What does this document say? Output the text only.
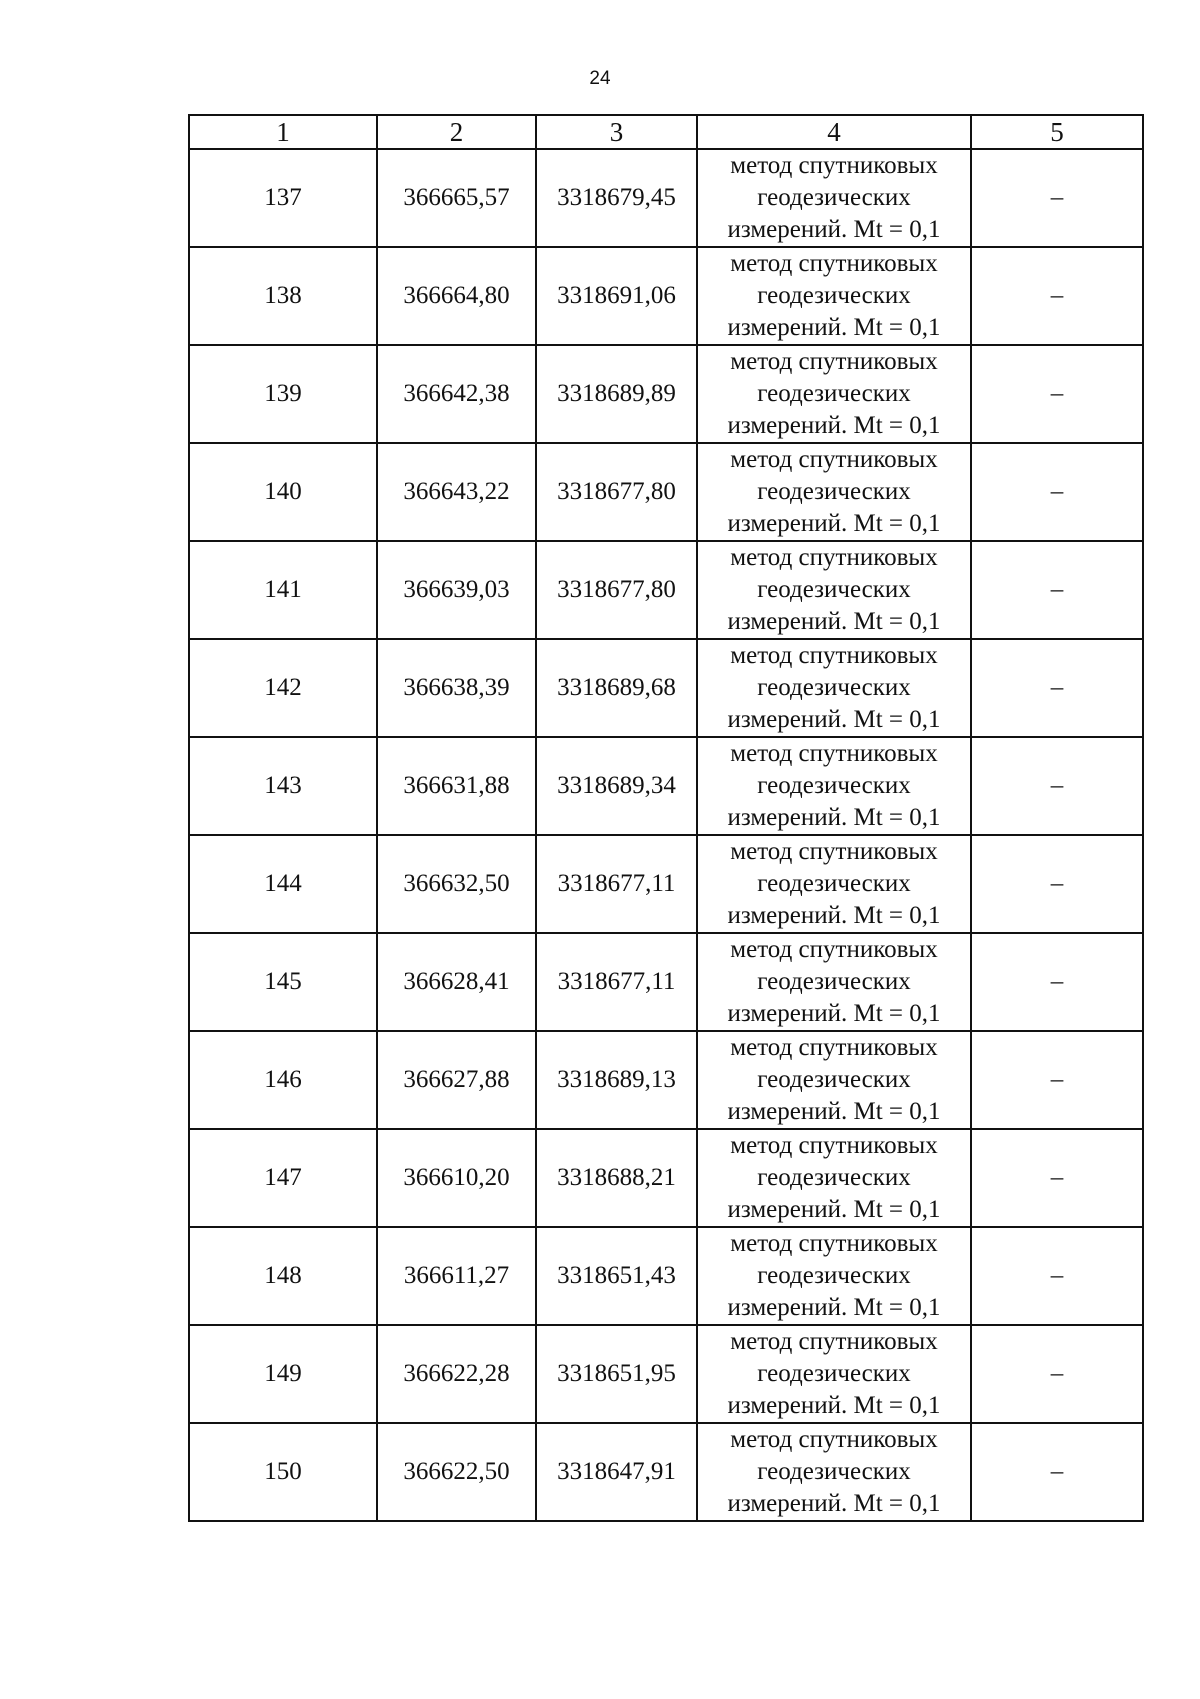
24
1	2	3	4	5
137	366665,57	3318679,45	метод спутниковых
геодезических
измерений. Mt = 0,1	–
138	366664,80	3318691,06	метод спутниковых
геодезических
измерений. Mt = 0,1	–
139	366642,38	3318689,89	метод спутниковых
геодезических
измерений. Mt = 0,1	–
140	366643,22	3318677,80	метод спутниковых
геодезических
измерений. Mt = 0,1	–
141	366639,03	3318677,80	метод спутниковых
геодезических
измерений. Mt = 0,1	–
142	366638,39	3318689,68	метод спутниковых
геодезических
измерений. Mt = 0,1	–
143	366631,88	3318689,34	метод спутниковых
геодезических
измерений. Mt = 0,1	–
144	366632,50	3318677,11	метод спутниковых
геодезических
измерений. Mt = 0,1	–
145	366628,41	3318677,11	метод спутниковых
геодезических
измерений. Mt = 0,1	–
146	366627,88	3318689,13	метод спутниковых
геодезических
измерений. Mt = 0,1	–
147	366610,20	3318688,21	метод спутниковых
геодезических
измерений. Mt = 0,1	–
148	366611,27	3318651,43	метод спутниковых
геодезических
измерений. Mt = 0,1	–
149	366622,28	3318651,95	метод спутниковых
геодезических
измерений. Mt = 0,1	–
150	366622,50	3318647,91	метод спутниковых
геодезических
измерений. Mt = 0,1	–
